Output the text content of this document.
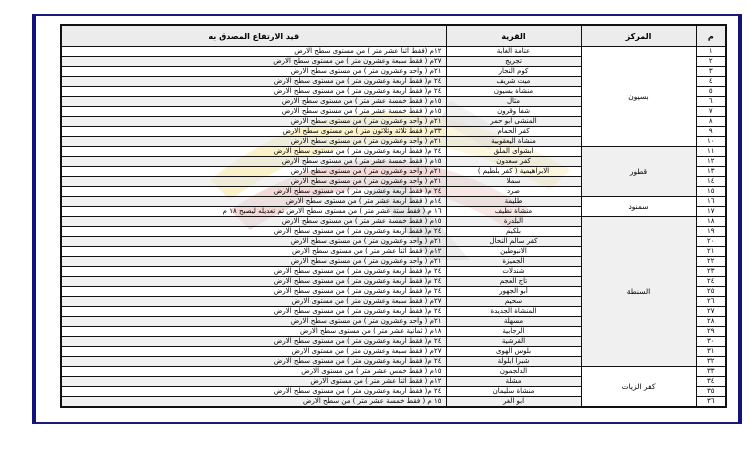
م	المركز	القرية	قيد الارتفاع المصدق به
١	بسيون	عتامة الغابة	١٢م (فقط اثنا عشر متر ) من مستوى سطح الارض
٢		تجريج	٢٧م ( فقط سبعة وعشرون متر ) من مستوى سطح الارض
٣		كوم النجار	٢١م ( واحد وعشرون متر ) من مستوى سطح الارض
٤		ميت شريف	٢٤ م( فقط اربعة وعشرون متر ) من مستوى سطح الارض
٥		منشاة بسيون	٢٤ م( فقط اربعة وعشرون متر ) من مستوى سطح الارض
٦		مثال	١٥م ( فقط خمسة عشر متر ) من مستوى سطح الارض
٧		شفا وقرون	١٥م ( فقط خمسة عشر متر ) من مستوى سطح الارض
٨		المنشى ابو حمر	٢١م ( واحد وعشرون متر ) من مستوى سطح الارض
٩		كفر الحمام	٣٣م ( فقط ثلاثة وثلاثون متر ) من مستوى سطح الارض
١٠		منشاة اليعقوبية	٢١م ( واحد وعشرون متر ) من مستوى سطح الارض
١١	قطور	ابشواى الملق	٢٤ م( فقط اربعة وعشرون متر ) من مستوى سطح الارض
١٢		كفر سعدون	١٥م ( فقط خمسة عشر متر ) من مستوى سطح الارض
١٣		الابراهيمية ( كفر بلطيم )	٢١م ( واحد وعشرون متر ) من مستوى سطح الارض
١٤		سملا	٢١م ( واحد وعشرون متر ) من مستوى سطح الارض
١٥		صرد	٢٤ م( فقط اربعة وعشرون متر ) من مستوى سطح الارض
١٦	سمنود	طليمة	١٤م ( فقط اربعة عشر متر ) من مستوى سطح الارض
١٧		منشاة نظيف	١٦ م ( فقط ستة عشر متر ) من مستوى سطح الارض تم تعديله ليصبح ١٨ م
١٨	السنطة	البلدرة	١٥م ( فقط خمسة عشر متر ) من مستوى سطح الارض
١٩		بلكيم	٢٤ م( فقط اربعة وعشرون متر ) من مستوى سطح الارض
٢٠		كفر سالم النحال	٢١م ( واحد وعشرون متر ) من مستوى سطح الارض
٢١		الانبوطين	١٢م ( فقط اثنا عشر متر ) من مستوى سطح الارض
٢٢		الجميزة	٢١م ( واحد وعشرون متر ) من مستوى سطح الارض
٢٣		شندلات	٢٤ م( فقط اربعة وعشرون متر ) من مستوى سطح الارض
٢٤		تاج العجم	٢٤ م( فقط اربعة وعشرون متر ) من مستوى سطح الارض
٢٥		أبو الجهور	٢٤ م( فقط اربعة وعشرون متر ) من مستوى سطح الارض
٢٦		سحيم	٢٧م ( فقط سبعة وعشرون متر ) من مستوى الارض
٢٧		المنشاة الجديدة	٢٤ م( فقط اربعة وعشرون متر ) من مستوى سطح الارض
٢٨		مسهلة	٢١م ( واحد وعشرون متر ) من مستوى سطح الارض
٢٩		الرجابية	١٨م ( ثمانية عشر متر ) من مستوى سطح الارض
٣٠		القرشية	٢٤ م( فقط اربعة وعشرون متر ) من مستوى سطح الارض
٣١		بلوس الهوى	٢٧م ( فقط سبعة وعشرون متر ) من مستوى الارض
٣٢		شبرا ابلولة	٢٤ م( فقط اربعة وعشرون متر ) من مستوى سطح الارض
٣٣	كفر الزيات	الدلجمون	١٥م ( فقط خمس عشر متر ) من مستوى الارض
٣٤		مشلة	١٢م ( فقط اثنا عشر متر ) من مستوى الارض
٣٥		منشاة سليمان	٢٤ م( فقط اربعة وعشرون متر ) من مستوى سطح الارض
٣٦		ابو الغر	١٥ م ( فقط خمسة عشر متر ) من سطح الارض
